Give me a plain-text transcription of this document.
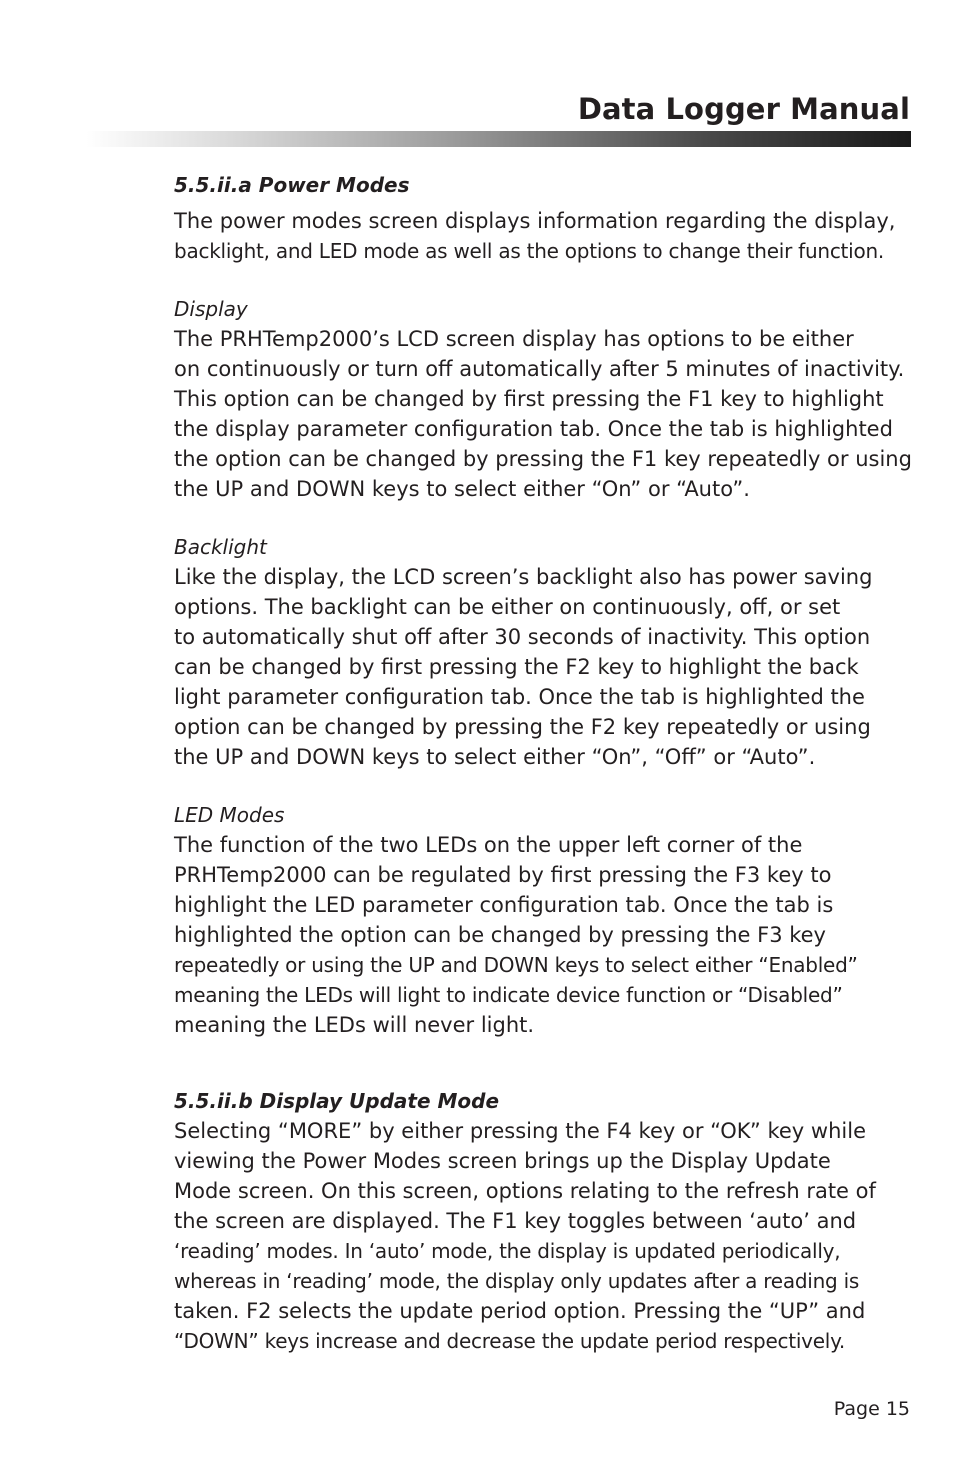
Data Logger Manual
5.5.ii.a Power Modes
The power modes screen displays information regarding the display,
backlight, and LED mode as well as the options to change their function.
Display
The PRHTemp2000’s LCD screen display has options to be either
on continuously or turn off automatically after 5 minutes of inactivity.
This option can be changed by first pressing the F1 key to highlight
the display parameter configuration tab. Once the tab is highlighted
the option can be changed by pressing the F1 key repeatedly or using
the UP and DOWN keys to select either “On” or “Auto”.
Backlight
Like the display, the LCD screen’s backlight also has power saving
options. The backlight can be either on continuously, off, or set
to automatically shut off after 30 seconds of inactivity. This option
can be changed by first pressing the F2 key to highlight the back
light parameter configuration tab. Once the tab is highlighted the
option can be changed by pressing the F2 key repeatedly or using
the UP and DOWN keys to select either “On”, “Off” or “Auto”.
LED Modes
The function of the two LEDs on the upper left corner of the
PRHTemp2000 can be regulated by first pressing the F3 key to
highlight the LED parameter configuration tab. Once the tab is
highlighted the option can be changed by pressing the F3 key
repeatedly or using the UP and DOWN keys to select either “Enabled”
meaning the LEDs will light to indicate device function or “Disabled”
meaning the LEDs will never light.
5.5.ii.b Display Update Mode
Selecting “MORE” by either pressing the F4 key or “OK” key while
viewing the Power Modes screen brings up the Display Update
Mode screen. On this screen, options relating to the refresh rate of
the screen are displayed. The F1 key toggles between ‘auto’ and
‘reading’ modes. In ‘auto’ mode, the display is updated periodically,
whereas in ‘reading’ mode, the display only updates after a reading is
taken. F2 selects the update period option. Pressing the “UP” and
“DOWN” keys increase and decrease the update period respectively.
Page 15
